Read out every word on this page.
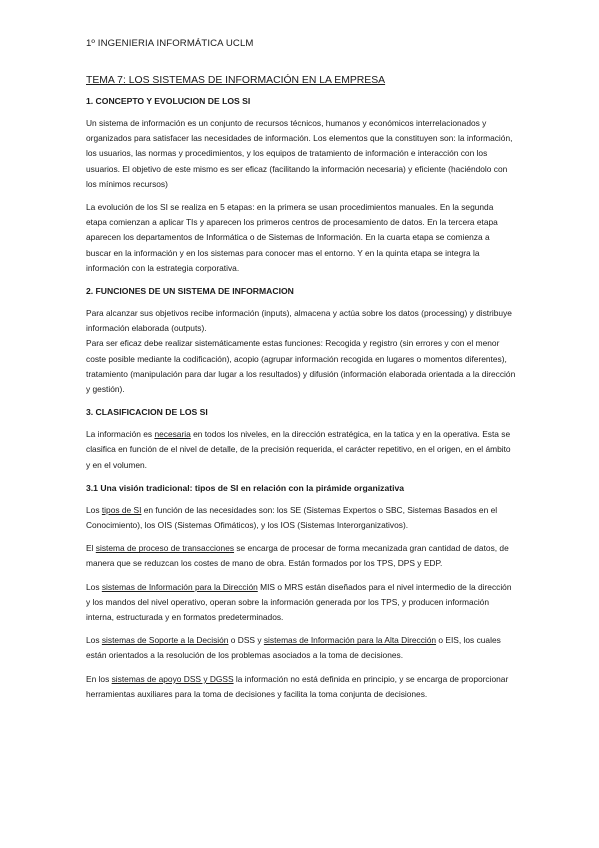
1º INGENIERIA INFORMÁTICA UCLM
TEMA 7: LOS SISTEMAS DE INFORMACIÓN EN LA EMPRESA
1. CONCEPTO Y EVOLUCION DE LOS SI
Un sistema de información es un conjunto de recursos técnicos, humanos y económicos interrelacionados y organizados para satisfacer las necesidades de información. Los elementos que la constituyen son: la información, los usuarios, las normas y procedimientos, y los equipos de tratamiento de información e interacción con los usuarios. El objetivo de este mismo es ser eficaz (facilitando la información necesaria) y eficiente (haciéndolo con los mínimos recursos)
La evolución de los SI se realiza en 5 etapas: en la primera se usan procedimientos manuales. En la segunda etapa comienzan a aplicar TIs y aparecen los primeros centros de procesamiento de datos. En la tercera etapa aparecen los departamentos de Informática o de Sistemas de Información. En la cuarta etapa se comienza a buscar en la información y en los sistemas para conocer mas el entorno. Y en la quinta etapa se integra la información con la estrategia corporativa.
2. FUNCIONES DE UN SISTEMA DE INFORMACION
Para alcanzar sus objetivos recibe información (inputs), almacena y actúa sobre los datos (processing) y distribuye información elaborada (outputs).
Para ser eficaz debe realizar sistemáticamente estas funciones: Recogida y registro (sin errores y con el menor coste posible mediante la codificación), acopio (agrupar información recogida en lugares o momentos diferentes), tratamiento (manipulación para dar lugar a los resultados) y difusión (información elaborada orientada a la dirección y gestión).
3. CLASIFICACION DE LOS SI
La información es necesaria en todos los niveles, en la dirección estratégica, en la tatica y en la operativa. Esta se clasifica en función de el nivel de detalle, de la precisión requerida, el carácter repetitivo, en el origen, en el ámbito y en el volumen.
3.1 Una visión tradicional: tipos de SI en relación con la pirámide organizativa
Los tipos de SI en función de las necesidades son: los SE (Sistemas Expertos o SBC, Sistemas Basados en el Conocimiento), los OIS (Sistemas Ofimáticos), y los IOS (Sistemas Interorganizativos).
El sistema de proceso de transacciones se encarga de procesar de forma mecanizada gran cantidad de datos, de manera que se reduzcan los costes de mano de obra. Están formados por los TPS, DPS y EDP.
Los sistemas de Información para la Dirección MIS o MRS están diseñados para el nivel intermedio de la dirección y los mandos del nivel operativo, operan sobre la información generada por los TPS, y producen información interna, estructurada y en formatos predeterminados.
Los sistemas de Soporte a la Decisión o DSS y sistemas de Información para la Alta Dirección o EIS, los cuales están orientados a la resolución de los problemas asociados a la toma de decisiones.
En los sistemas de apoyo DSS y DGSS la información no está definida en principio, y se encarga de proporcionar herramientas auxiliares para la toma de decisiones y facilita la toma conjunta de decisiones.
